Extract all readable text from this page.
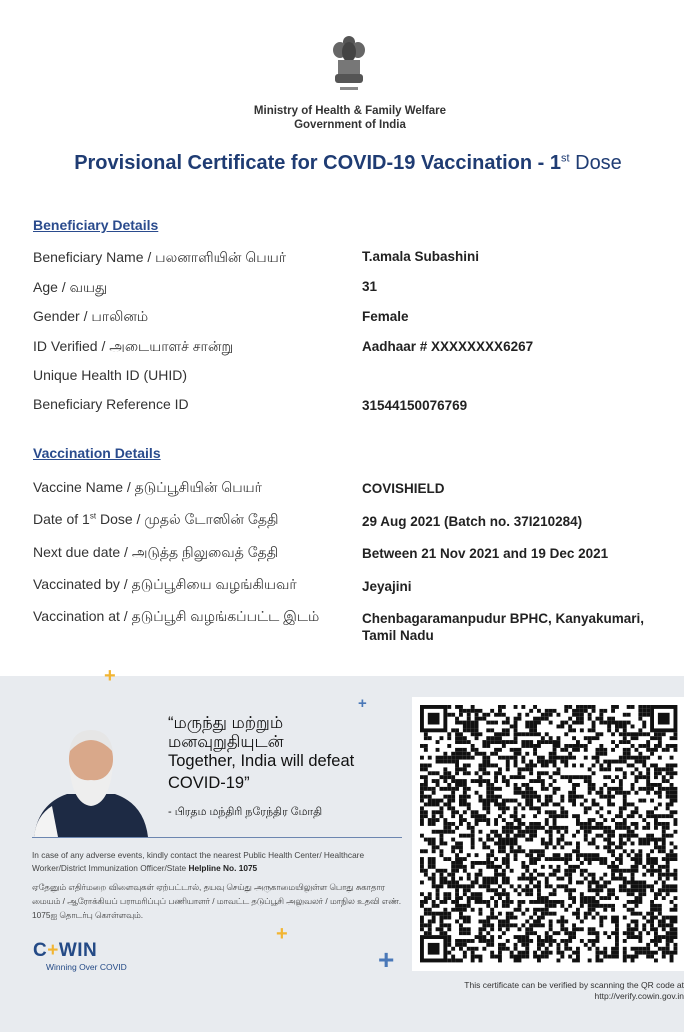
Ministry of Health & Family Welfare
Government of India
Provisional Certificate for COVID-19 Vaccination - 1st Dose
Beneficiary Details
Beneficiary Name / பலனாளியின் பெயர்	T.amala Subashini
Age / வயது	31
Gender / பாலினம்	Female
ID Verified / அடையாளச் சான்று	Aadhaar # XXXXXXXX6267
Unique Health ID (UHID)
Beneficiary Reference ID	31544150076769
Vaccination Details
Vaccine Name / தடுப்பூசியின் பெயர்	COVISHIELD
Date of 1st Dose / முதல் டோஸின் தேதி	29 Aug 2021 (Batch no. 37I210284)
Next due date / அடுத்த நிலுவைத் தேதி	Between 21 Nov 2021 and 19 Dec 2021
Vaccinated by / தடுப்பூசியை வழங்கியவர்	Jeyajini
Vaccination at / தடுப்பூசி வழங்கப்பட்ட இடம்	Chenbagaramanpudur BPHC, Kanyakumari, Tamil Nadu
+
+
+
+
“மருந்து மற்றும்
மனவுறுதியுடன்
Together, India will defeat COVID-19”
- பிரதம மந்திரி நரேந்திர மோதி
In case of any adverse events, kindly contact the nearest Public Health Center/ Healthcare Worker/District Immunization Officer/State Helpline No. 1075
ஏதேனும் எதிர்மறை விளைவுகள் ஏற்பட்டால், தயவு செய்து அருகாமையிலுள்ள பொது சுகாதார மையம் / ஆரோக்கியப் பராமரிப்புப் பணியாளர் / மாவட்ட தடுப்பூசி அலுவலர் / மாநில உதவி எண். 1075ஐ தொடர்பு கொள்ளவும்.
C+WIN
Winning Over COVID
This certificate can be verified by scanning the QR code at
http://verify.cowin.gov.in
